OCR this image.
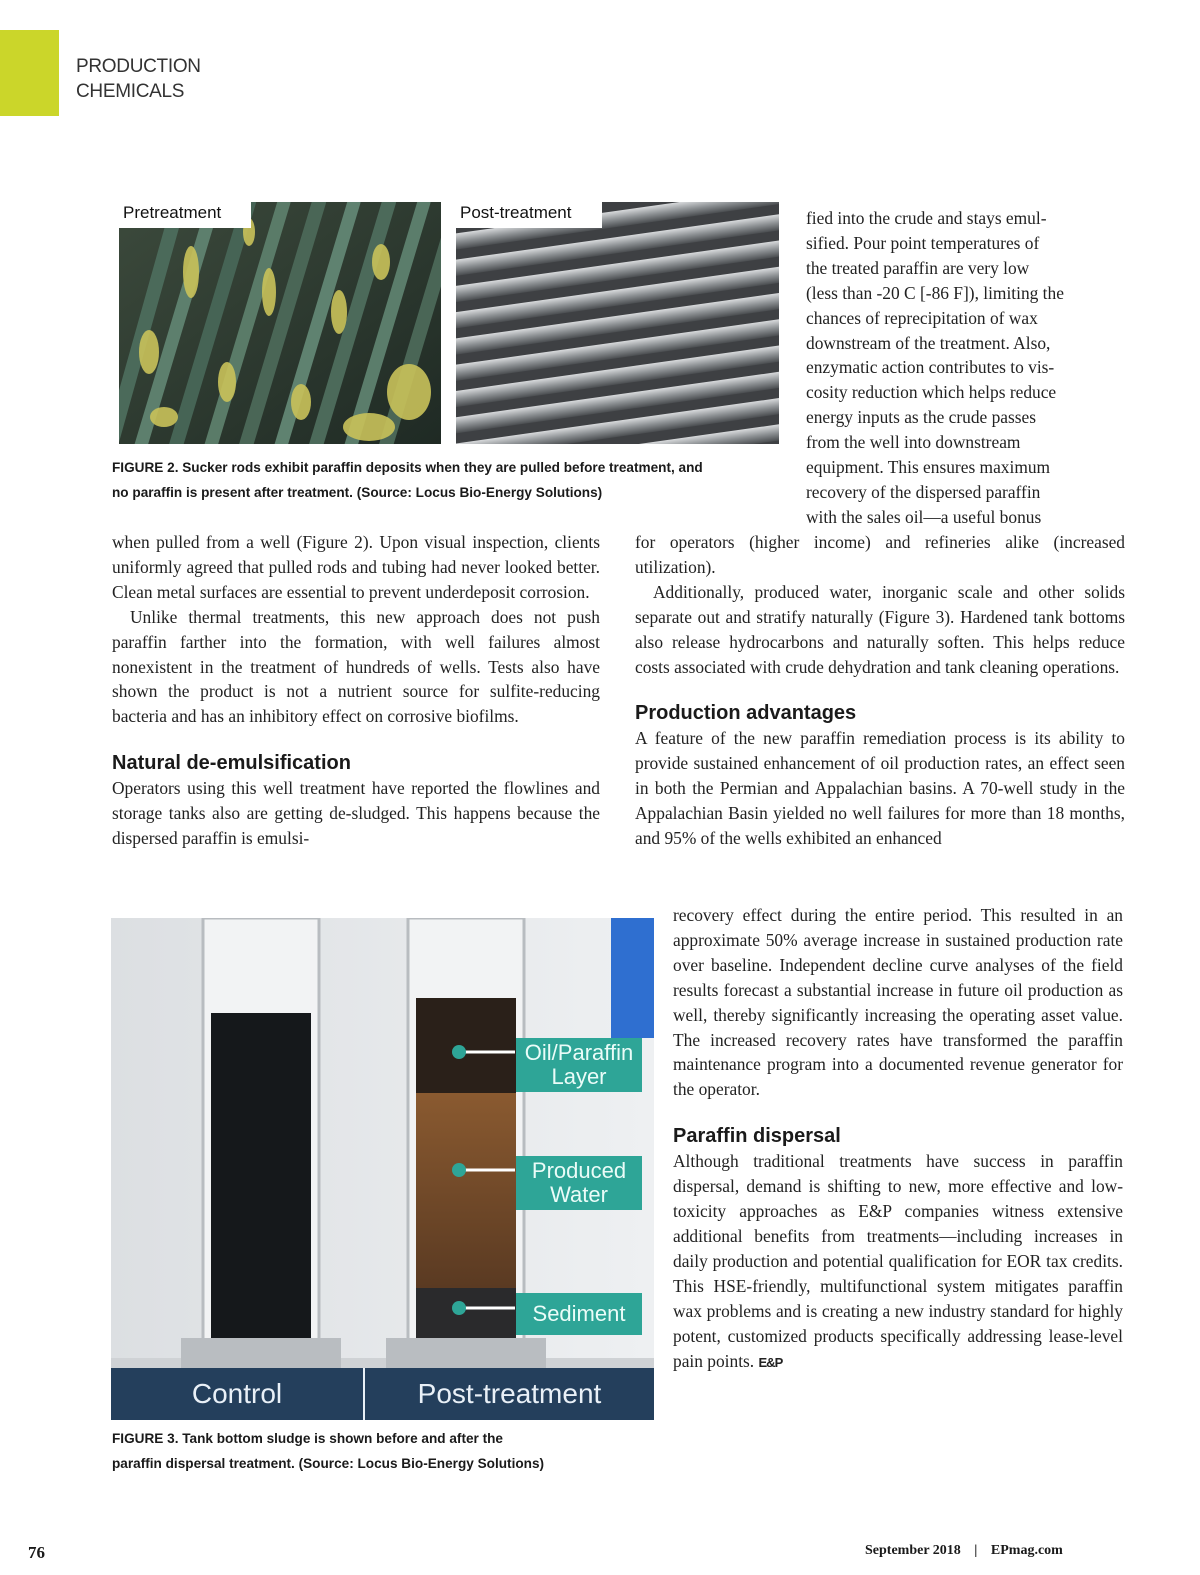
PRODUCTION
CHEMICALS
Pretreatment	Post-treatment
FIGURE 2. Sucker rods exhibit paraffin deposits when they are pulled before treatment, and
no paraffin is present after treatment. (Source: Locus Bio-Energy Solutions)
fied into the crude and stays emul-
sified. Pour point temperatures of
the treated paraffin are very low
(less than -20 C [-86 F]), limiting the
chances of reprecipitation of wax
downstream of the treatment. Also,
enzymatic action contributes to vis-
cosity reduction which helps reduce
energy inputs as the crude passes
from the well into downstream
equipment. This ensures maximum
recovery of the dispersed paraffin
with the sales oil—a useful bonus

when pulled from a well (Figure 2). Upon visual inspection, clients uniformly agreed that pulled rods and tubing had never looked better. Clean metal surfaces are essential to prevent underdeposit corrosion.

Unlike thermal treatments, this new approach does not push paraffin farther into the formation, with well failures almost nonexistent in the treatment of hundreds of wells. Tests also have shown the product is not a nutrient source for sulfite-reducing bacteria and has an inhibitory effect on corrosive biofilms.

Natural de-emulsification

Operators using this well treatment have reported the flowlines and storage tanks also are getting de-sludged. This happens because the dispersed paraffin is emulsi-

for operators (higher income) and refineries alike (increased utilization).

Additionally, produced water, inorganic scale and other solids separate out and stratify naturally (Figure 3). Hardened tank bottoms also release hydrocarbons and naturally soften. This helps reduce costs associated with crude dehydration and tank cleaning operations.

Production advantages

A feature of the new paraffin remediation process is its ability to provide sustained enhancement of oil production rates, an effect seen in both the Permian and Appalachian basins. A 70-well study in the Appalachian Basin yielded no well failures for more than 18 months, and 95% of the wells exhibited an enhanced

Oil/Paraffin
Layer
Produced
Water
Sediment
Control	Post-treatment
FIGURE 3. Tank bottom sludge is shown before and after the
paraffin dispersal treatment. (Source: Locus Bio-Energy Solutions)

recovery effect during the entire period. This resulted in an approximate 50% average increase in sustained production rate over baseline. Independent decline curve analyses of the field results forecast a substantial increase in future oil production as well, thereby significantly increasing the operating asset value. The increased recovery rates have transformed the paraffin maintenance program into a documented revenue generator for the operator.

Paraffin dispersal

Although traditional treatments have success in paraffin dispersal, demand is shifting to new, more effective and low-toxicity approaches as E&P companies witness extensive additional benefits from treatments—including increases in daily production and potential qualification for EOR tax credits. This HSE-friendly, multifunctional system mitigates paraffin wax problems and is creating a new industry standard for highly potent, customized products specifically addressing lease-level pain points. E&P

76	September 2018 | EPmag.com
